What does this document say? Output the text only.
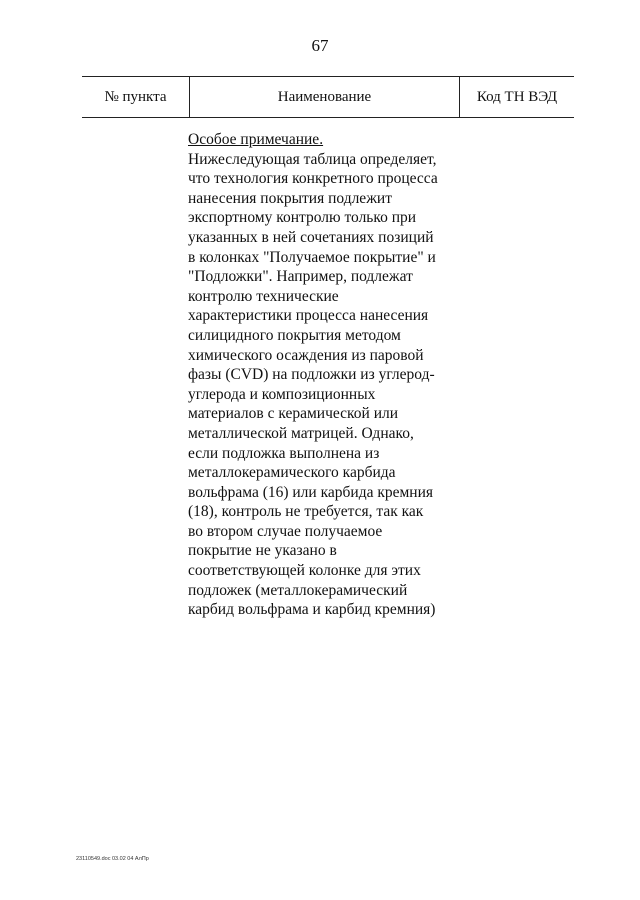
67
№ пункта	Наименование	Код ТН ВЭД
Особое примечание.
Нижеследующая таблица определяет,
что технология конкретного процесса
нанесения покрытия подлежит
экспортному контролю только при
указанных в ней сочетаниях позиций
в колонках "Получаемое покрытие" и
"Подложки". Например, подлежат
контролю технические
характеристики процесса нанесения
силицидного покрытия методом
химического осаждения из паровой
фазы (CVD) на подложки из углерод-
углерода и композиционных
материалов с керамической или
металлической матрицей. Однако,
если подложка выполнена из
металлокерамического карбида
вольфрама (16) или карбида кремния
(18), контроль не требуется, так как
во втором случае получаемое
покрытие не указано в
соответствующей колонке для этих
подложек (металлокерамический
карбид вольфрама и карбид кремния)
23110549.doc 03.02 04 АлПр
